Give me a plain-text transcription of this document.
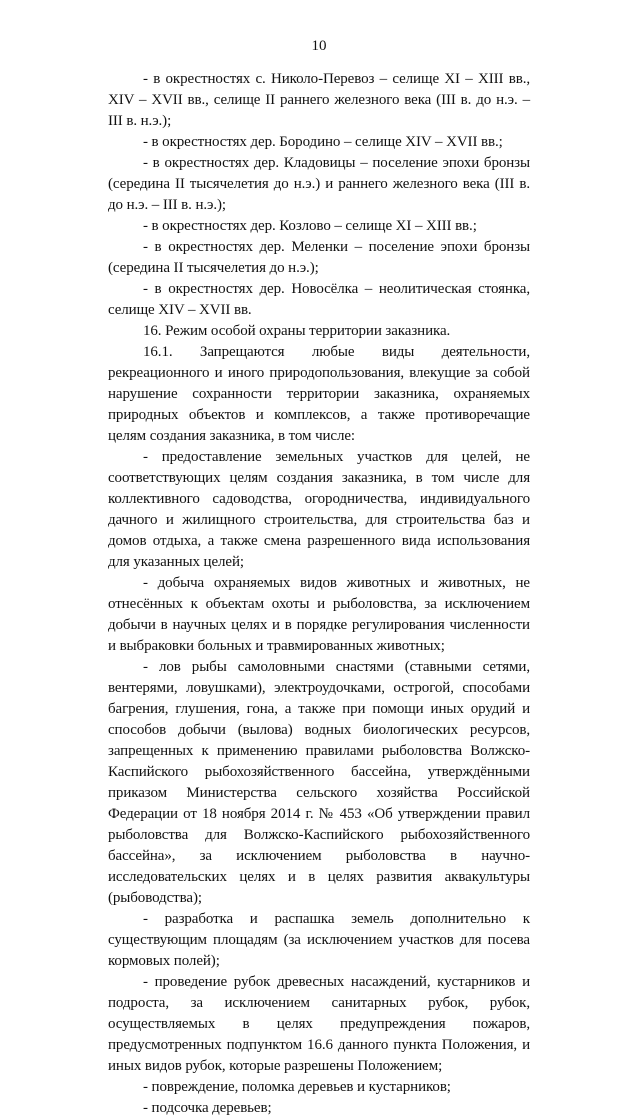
10

- в окрестностях с. Николо-Перевоз – селище XI – XIII вв., XIV – XVII вв., селище II раннего железного века (III в. до н.э. – III в. н.э.);

- в окрестностях дер. Бородино – селище XIV – XVII вв.;

- в окрестностях дер. Кладовицы – поселение эпохи бронзы (середина II тысячелетия до н.э.) и раннего железного века (III в. до н.э. – III в. н.э.);

- в окрестностях дер. Козлово – селище XI – XIII вв.;

- в окрестностях дер. Меленки – поселение эпохи бронзы (середина II тысячелетия до н.э.);

- в окрестностях дер. Новосёлка – неолитическая стоянка, селище XIV – XVII вв.

16. Режим особой охраны территории заказника.

16.1. Запрещаются любые виды деятельности, рекреационного и иного природопользования, влекущие за собой нарушение сохранности территории заказника, охраняемых природных объектов и комплексов, а также противоречащие целям создания заказника, в том числе:

- предоставление земельных участков для целей, не соответствующих целям создания заказника, в том числе для коллективного садоводства, огородничества, индивидуального дачного и жилищного строительства, для строительства баз и домов отдыха, а также смена разрешенного вида использования для указанных целей;

- добыча охраняемых видов животных и животных, не отнесённых к объектам охоты и рыболовства, за исключением добычи в научных целях и в порядке регулирования численности и выбраковки больных и травмированных животных;

- лов рыбы самоловными снастями (ставными сетями, вентерями, ловушками), электроудочками, острогой, способами багрения, глушения, гона, а также при помощи иных орудий и способов добычи (вылова) водных биологических ресурсов, запрещенных к применению правилами рыболовства Волжско-Каспийского рыбохозяйственного бассейна, утверждёнными приказом Министерства сельского хозяйства Российской Федерации от 18 ноября 2014 г. № 453 «Об утверждении правил рыболовства для Волжско-Каспийского рыбохозяйственного бассейна», за исключением рыболовства в научно-исследовательских целях и в целях развития аквакультуры (рыбоводства);

- разработка и распашка земель дополнительно к существующим площадям (за исключением участков для посева кормовых полей);

- проведение рубок древесных насаждений, кустарников и подроста, за исключением санитарных рубок, рубок, осуществляемых в целях предупреждения пожаров, предусмотренных подпунктом 16.6 данного пункта Положения, и иных видов рубок, которые разрешены Положением;

- повреждение, поломка деревьев и кустарников;

- подсочка деревьев;
